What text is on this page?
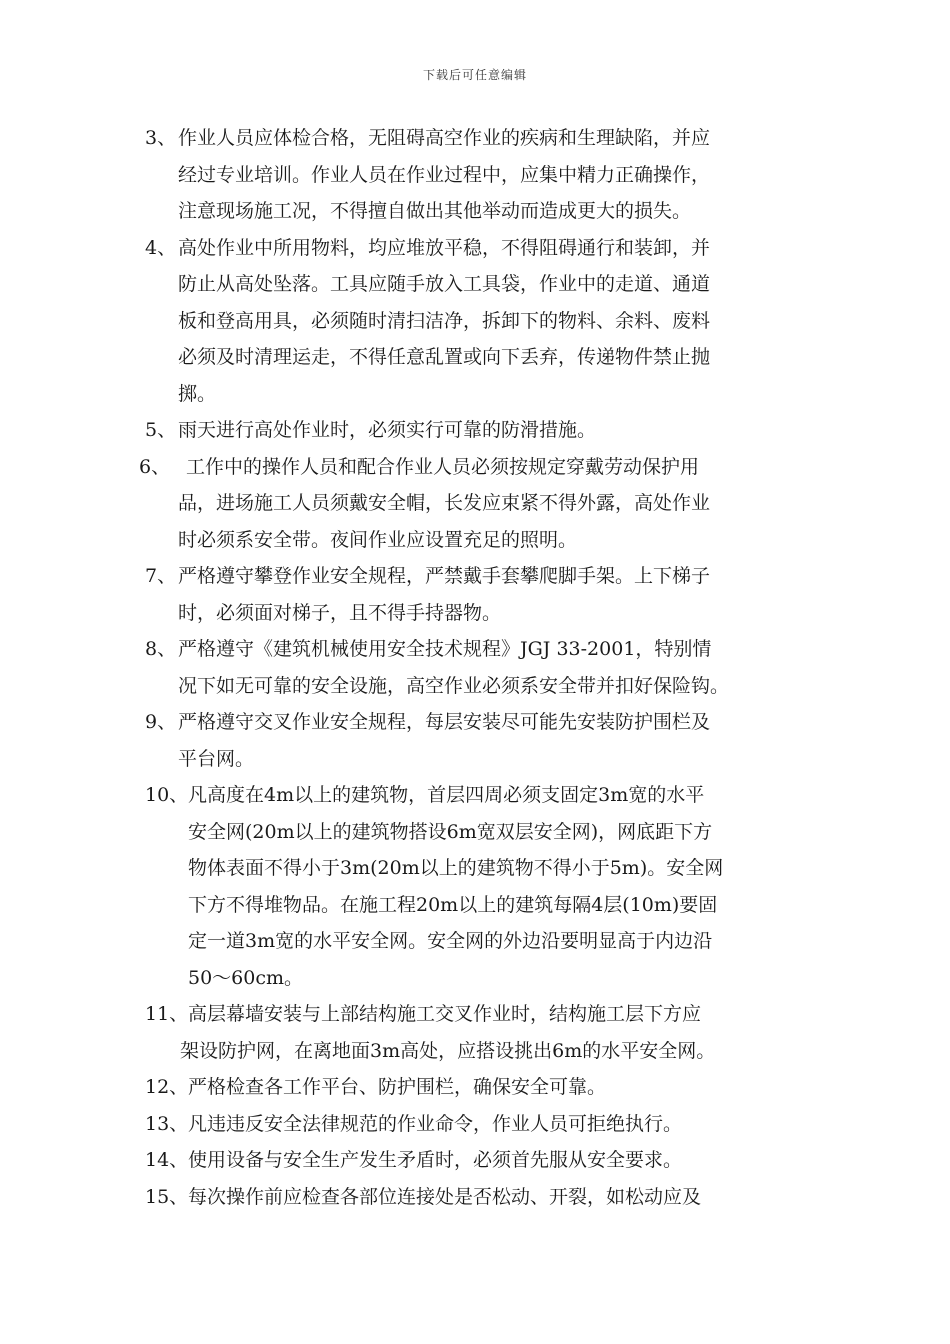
下载后可任意编辑
3、 作业人员应体检合格，无阻碍高空作业的疾病和生理缺陷，并应
经过专业培训。作业人员在作业过程中，应集中精力正确操作，
注意现场施工况，不得擅自做出其他举动而造成更大的损失。
4、 高处作业中所用物料，均应堆放平稳，不得阻碍通行和装卸，并
防止从高处坠落。工具应随手放入工具袋，作业中的走道、通道
板和登高用具，必须随时清扫洁净，拆卸下的物料、余料、废料
必须及时清理运走，不得任意乱置或向下丢弃，传递物件禁止抛
掷。
5、 雨天进行高处作业时，必须实行可靠的防滑措施。
6、 工作中的操作人员和配合作业人员必须按规定穿戴劳动保护用
品，进场施工人员须戴安全帽，长发应束紧不得外露，高处作业
时必须系安全带。夜间作业应设置充足的照明。
7、 严格遵守攀登作业安全规程，严禁戴手套攀爬脚手架。上下梯子
时，必须面对梯子，且不得手持器物。
8、 严格遵守《建筑机械使用安全技术规程》JGJ 33-2001，特别情
况下如无可靠的安全设施，高空作业必须系安全带并扣好保险钩。
9、 严格遵守交叉作业安全规程，每层安装尽可能先安装防护围栏及
平台网。
10、 凡高度在4m以上的建筑物，首层四周必须支固定3m宽的水平
安全网(20m以上的建筑物搭设6m宽双层安全网)，网底距下方
物体表面不得小于3m(20m以上的建筑物不得小于5m)。安全网
下方不得堆物品。在施工程20m以上的建筑每隔4层(10m)要固
定一道3m宽的水平安全网。安全网的外边沿要明显高于内边沿
50～60cm。
11、 高层幕墙安装与上部结构施工交叉作业时，结构施工层下方应
架设防护网，在离地面3m高处，应搭设挑出6m的水平安全网。
12、 严格检查各工作平台、防护围栏，确保安全可靠。
13、 凡违违反安全法律规范的作业命令，作业人员可拒绝执行。
14、 使用设备与安全生产发生矛盾时，必须首先服从安全要求。
15、 每次操作前应检查各部位连接处是否松动、开裂，如松动应及
